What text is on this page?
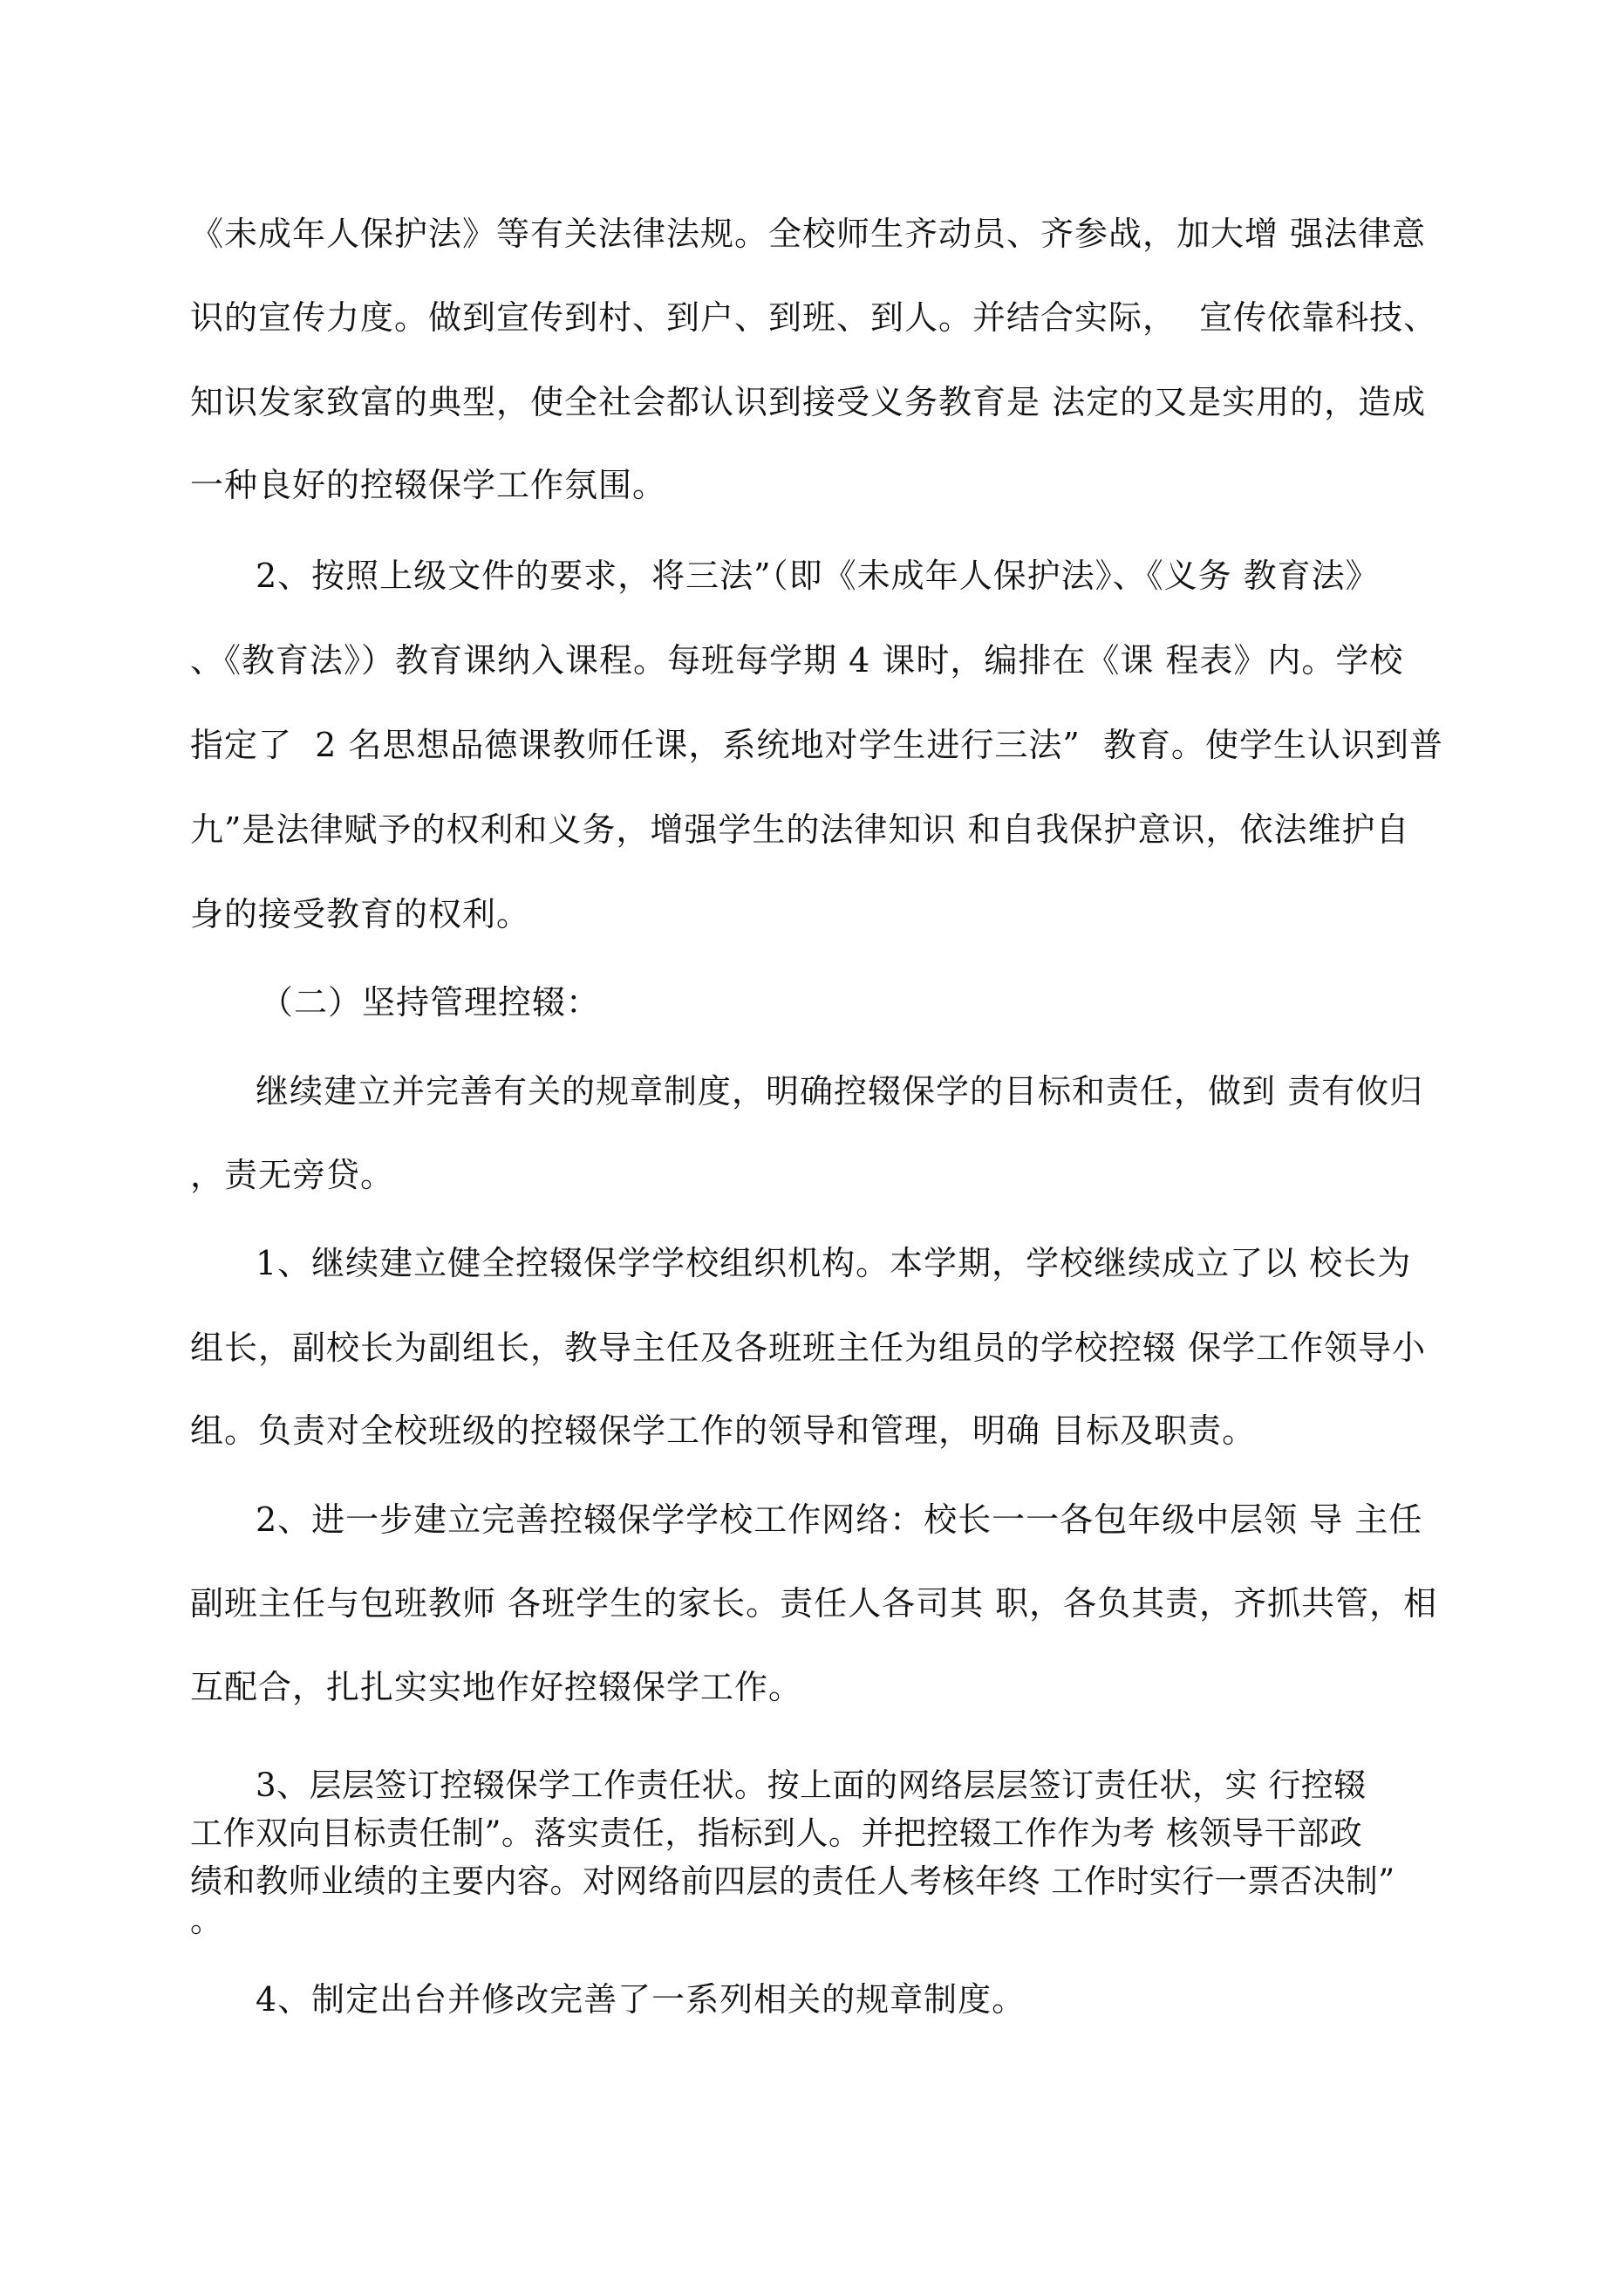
《未成年人保护法》等有关法律法规。全校师生齐动员、齐参战，加大增 强法律意
识的宣传力度。做到宣传到村、到户、到班、到人。并结合实际，  宣传依靠科技、
知识发家致富的典型，使全社会都认识到接受义务教育是 法定的又是实用的，造成
一种良好的控辍保学工作氛围。
2、按照上级文件的要求，将三法”（即《未成年人保护法》、《义务 教育法》
、《教育法》）教育课纳入课程。每班每学期 4 课时，编排在《课 程表》内。学校
指定了  2 名思想品德课教师任课，系统地对学生进行三法”  教育。使学生认识到普
九”是法律赋予的权利和义务，增强学生的法律知识 和自我保护意识，依法维护自
身的接受教育的权利。
（二）坚持管理控辍：
继续建立并完善有关的规章制度，明确控辍保学的目标和责任，做到 责有攸归
，责无旁贷。
1、继续建立健全控辍保学学校组织机构。本学期，学校继续成立了以 校长为
组长，副校长为副组长，教导主任及各班班主任为组员的学校控辍 保学工作领导小
组。负责对全校班级的控辍保学工作的领导和管理，明确 目标及职责。
2、进一步建立完善控辍保学学校工作网络：校长一一各包年级中层领 导 主任
副班主任与包班教师 各班学生的家长。责任人各司其 职，各负其责，齐抓共管，相
互配合，扎扎实实地作好控辍保学工作。
3、层层签订控辍保学工作责任状。按上面的网络层层签订责任状，实 行控辍
工作双向目标责任制”。落实责任，指标到人。并把控辍工作作为考 核领导干部政
绩和教师业绩的主要内容。对网络前四层的责任人考核年终 工作时实行一票否决制”
。
4、制定出台并修改完善了一系列相关的规章制度。
